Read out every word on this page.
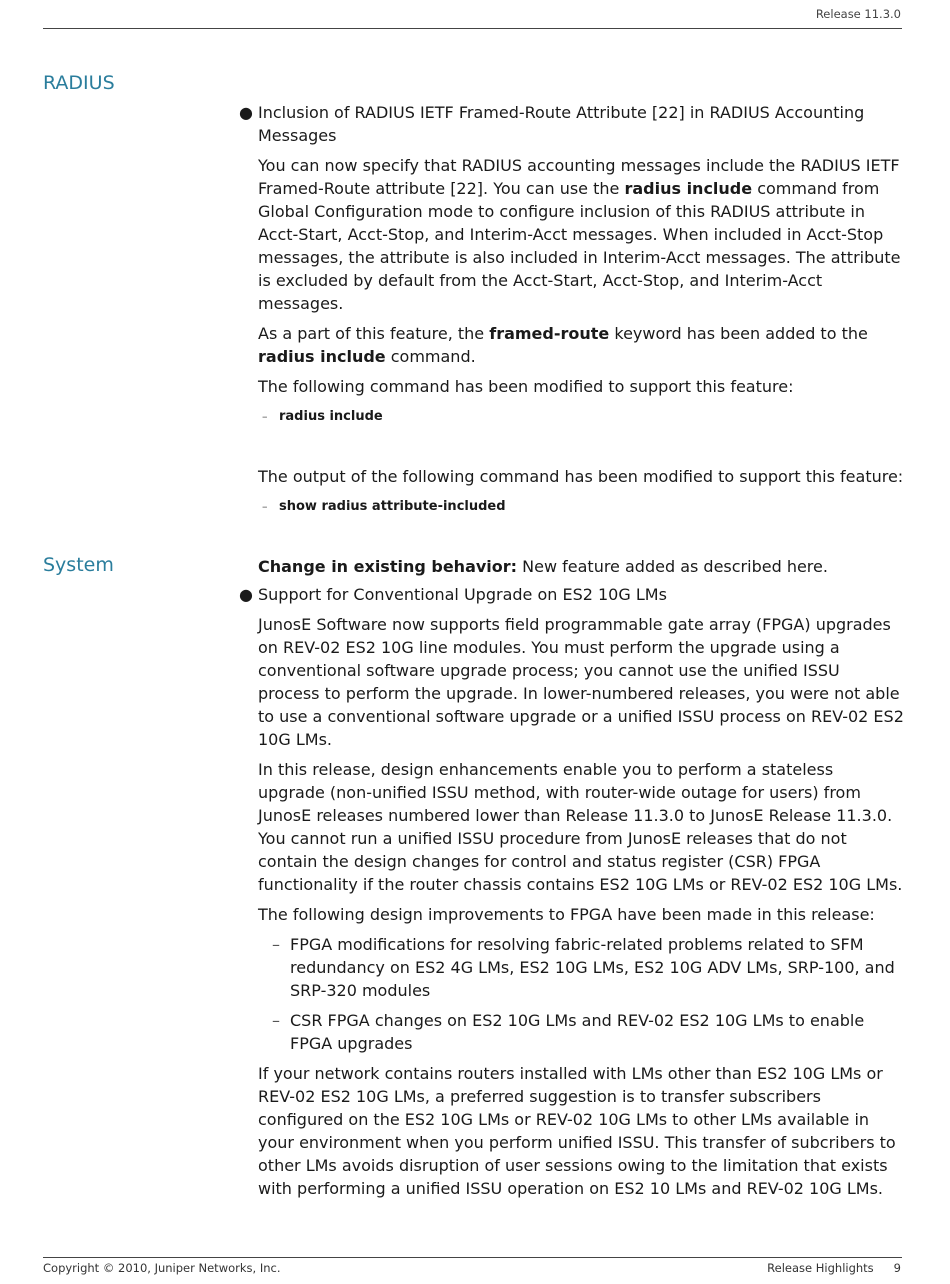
Release 11.3.0
RADIUS
● Inclusion of RADIUS IETF Framed-Route Attribute [22] in RADIUS Accounting Messages

You can now specify that RADIUS accounting messages include the RADIUS IETF Framed-Route attribute [22]. You can use the radius include command from Global Configuration mode to configure inclusion of this RADIUS attribute in Acct-Start, Acct-Stop, and Interim-Acct messages. When included in Acct-Stop messages, the attribute is also included in Interim-Acct messages. The attribute is excluded by default from the Acct-Start, Acct-Stop, and Interim-Acct messages.

As a part of this feature, the framed-route keyword has been added to the radius include command.

The following command has been modified to support this feature:

– radius include

The output of the following command has been modified to support this feature:

– show radius attribute-included

Change in existing behavior: New feature added as described here.

System
● Support for Conventional Upgrade on ES2 10G LMs

JunosE Software now supports field programmable gate array (FPGA) upgrades on REV-02 ES2 10G line modules. You must perform the upgrade using a conventional software upgrade process; you cannot use the unified ISSU process to perform the upgrade. In lower-numbered releases, you were not able to use a conventional software upgrade or a unified ISSU process on REV-02 ES2 10G LMs.

In this release, design enhancements enable you to perform a stateless upgrade (non-unified ISSU method, with router-wide outage for users) from JunosE releases numbered lower than Release 11.3.0 to JunosE Release 11.3.0. You cannot run a unified ISSU procedure from JunosE releases that do not contain the design changes for control and status register (CSR) FPGA functionality if the router chassis contains ES2 10G LMs or REV-02 ES2 10G LMs.

The following design improvements to FPGA have been made in this release:

– FPGA modifications for resolving fabric-related problems related to SFM redundancy on ES2 4G LMs, ES2 10G LMs, ES2 10G ADV LMs, SRP-100, and SRP-320 modules
– CSR FPGA changes on ES2 10G LMs and REV-02 ES2 10G LMs to enable FPGA upgrades

If your network contains routers installed with LMs other than ES2 10G LMs or REV-02 ES2 10G LMs, a preferred suggestion is to transfer subscribers configured on the ES2 10G LMs or REV-02 10G LMs to other LMs available in your environment when you perform unified ISSU. This transfer of subcribers to other LMs avoids disruption of user sessions owing to the limitation that exists with performing a unified ISSU operation on ES2 10 LMs and REV-02 10G LMs.

Copyright © 2010, Juniper Networks, Inc.	Release Highlights 9
